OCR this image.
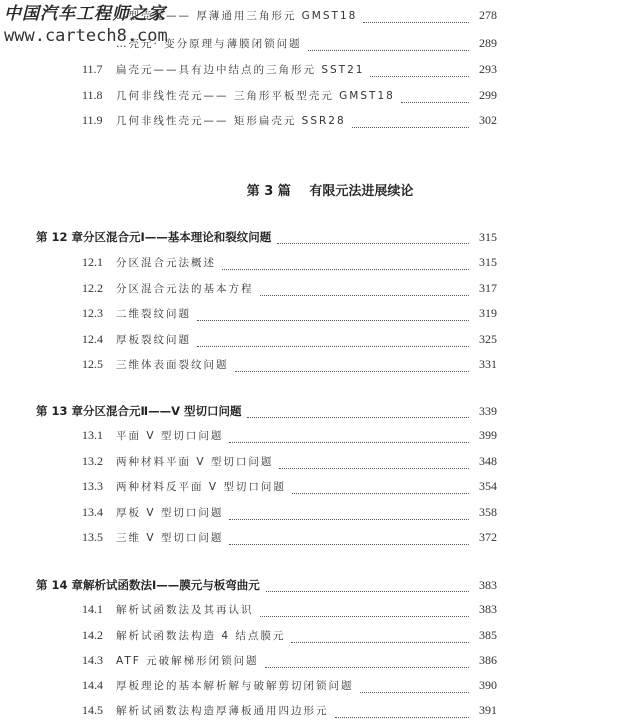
中国汽车工程师之家
www.cartech8.com
…型壳元—— 厚薄通用三角形元 GMST18	278
…壳元· 变分原理与薄膜闭锁问题	289
11.7	扁壳元——具有边中结点的三角形元 SST21	293
11.8	几何非线性壳元—— 三角形平板型壳元 GMST18	299
11.9	几何非线性壳元—— 矩形扁壳元 SSR28	302
第 3 篇 有限元法进展续论
第 12 章 分区混合元Ⅰ——基本理论和裂纹问题	315
12.1	分区混合元法概述	315
12.2	分区混合元法的基本方程	317
12.3	二维裂纹问题	319
12.4	厚板裂纹问题	325
12.5	三维体表面裂纹问题	331
第 13 章 分区混合元Ⅱ——V 型切口问题	339
13.1	平面 V 型切口问题	399
13.2	两种材料平面 V 型切口问题	348
13.3	两种材料反平面 V 型切口问题	354
13.4	厚板 V 型切口问题	358
13.5	三维 V 型切口问题	372
第 14 章 解析试函数法Ⅰ——膜元与板弯曲元	383
14.1	解析试函数法及其再认识	383
14.2	解析试函数法构造 4 结点膜元	385
14.3	ATF 元破解梯形闭锁问题	386
14.4	厚板理论的基本解析解与破解剪切闭锁问题	390
14.5	解析试函数法构造厚薄板通用四边形元	391
